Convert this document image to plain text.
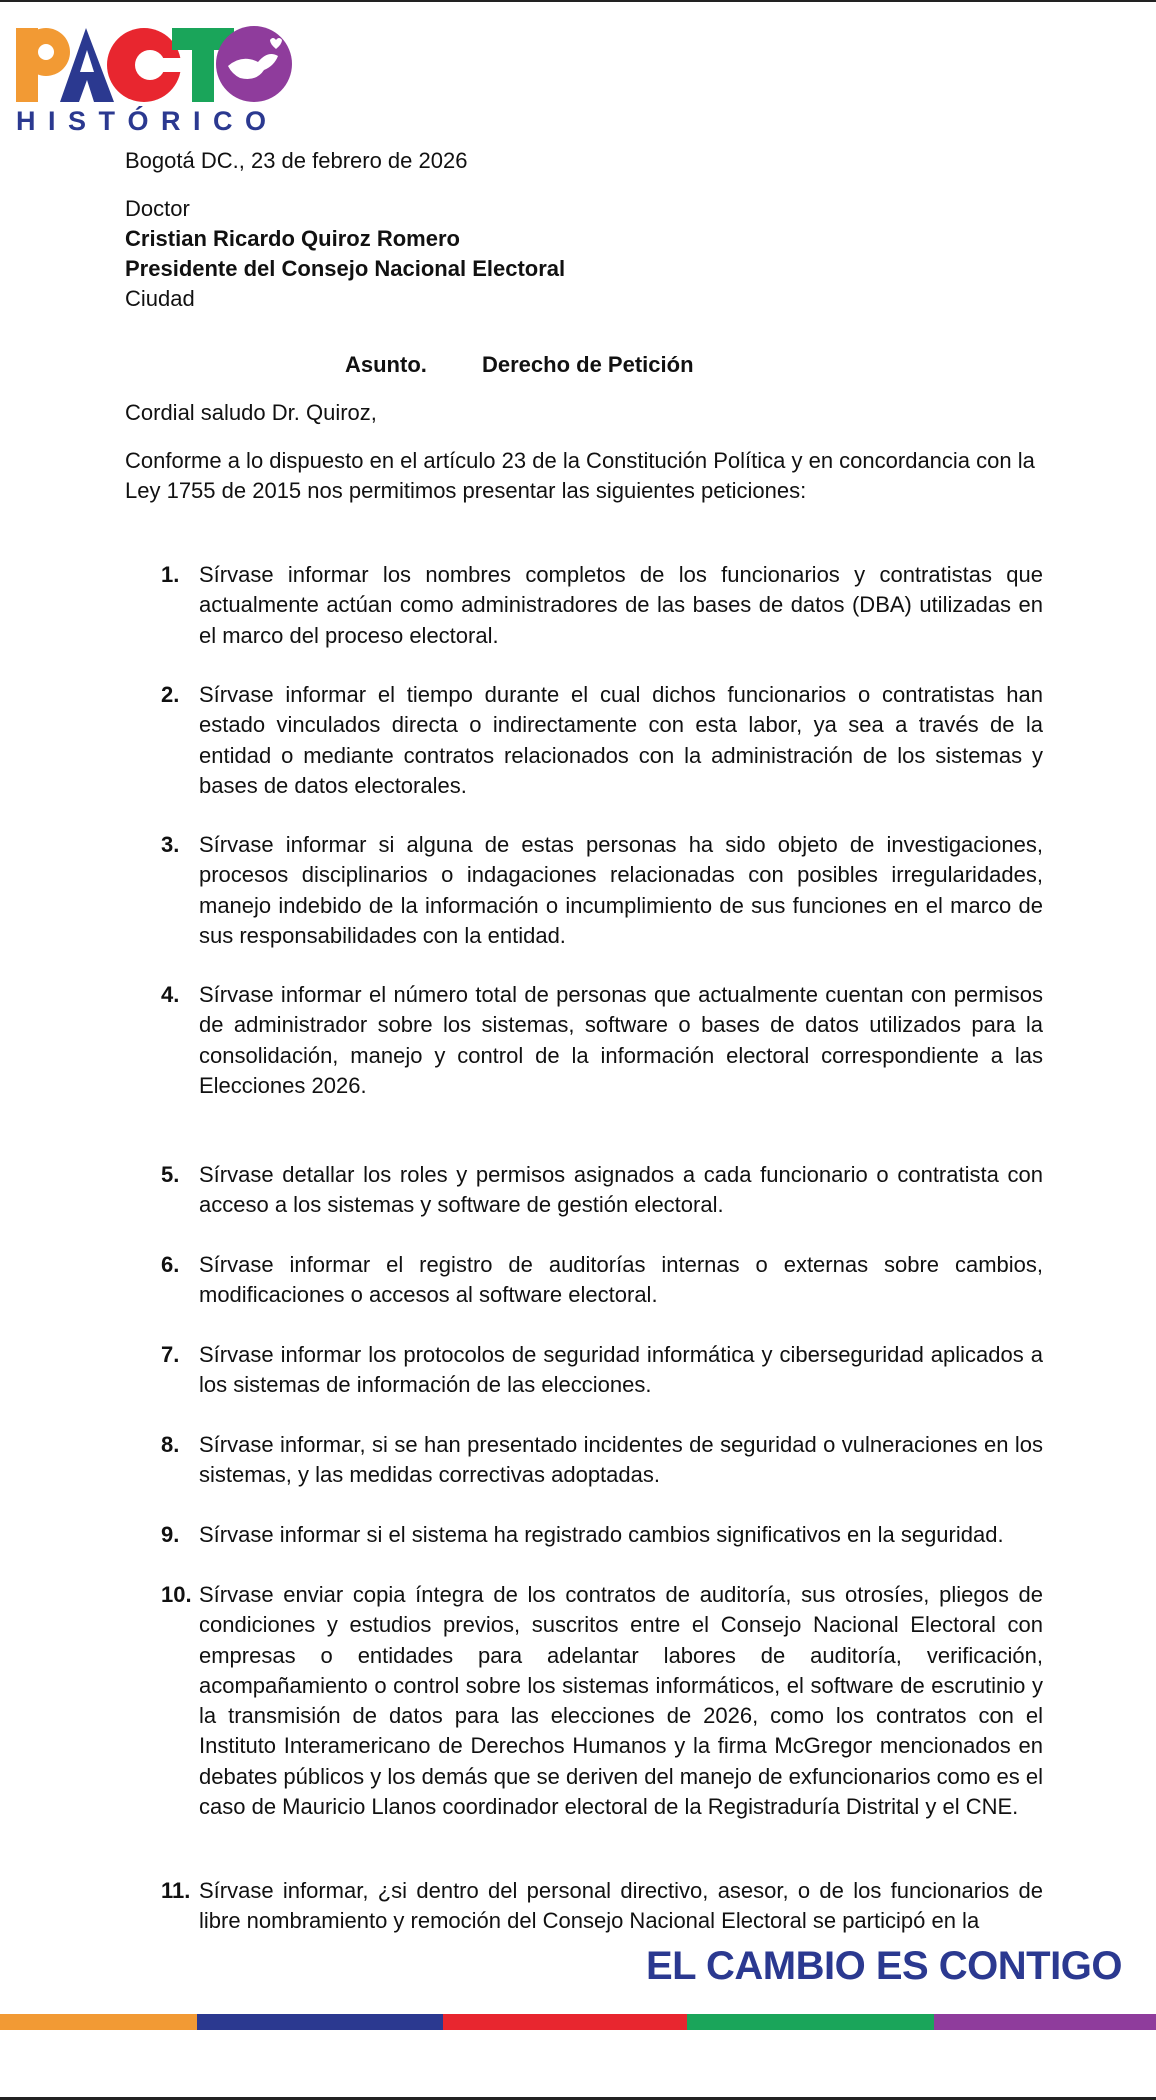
HISTÓRICO

Bogotá DC., 23 de febrero de 2026

Doctor

Cristian Ricardo Quiroz Romero

Presidente del Consejo Nacional Electoral

Ciudad

Asunto.	Derecho de Petición

Cordial saludo Dr. Quiroz,

Conforme a lo dispuesto en el artículo 23 de la Constitución Política y en concordancia con la Ley 1755 de 2015 nos permitimos presentar las siguientes peticiones:

1. Sírvase informar los nombres completos de los funcionarios y contratistas que actualmente actúan como administradores de las bases de datos (DBA) utilizadas en el marco del proceso electoral.
2. Sírvase informar el tiempo durante el cual dichos funcionarios o contratistas han estado vinculados directa o indirectamente con esta labor, ya sea a través de la entidad o mediante contratos relacionados con la administración de los sistemas y bases de datos electorales.
3. Sírvase informar si alguna de estas personas ha sido objeto de investigaciones, procesos disciplinarios o indagaciones relacionadas con posibles irregularidades, manejo indebido de la información o incumplimiento de sus funciones en el marco de sus responsabilidades con la entidad.
4. Sírvase informar el número total de personas que actualmente cuentan con permisos de administrador sobre los sistemas, software o bases de datos utilizados para la consolidación, manejo y control de la información electoral correspondiente a las Elecciones 2026.
5. Sírvase detallar los roles y permisos asignados a cada funcionario o contratista con acceso a los sistemas y software de gestión electoral.
6. Sírvase informar el registro de auditorías internas o externas sobre cambios, modificaciones o accesos al software electoral.
7. Sírvase informar los protocolos de seguridad informática y ciberseguridad aplicados a los sistemas de información de las elecciones.
8. Sírvase informar, si se han presentado incidentes de seguridad o vulneraciones en los sistemas, y las medidas correctivas adoptadas.
9. Sírvase informar si el sistema ha registrado cambios significativos en la seguridad.
10. Sírvase enviar copia íntegra de los contratos de auditoría, sus otrosíes, pliegos de condiciones y estudios previos, suscritos entre el Consejo Nacional Electoral con empresas o entidades para adelantar labores de auditoría, verificación, acompañamiento o control sobre los sistemas informáticos, el software de escrutinio y la transmisión de datos para las elecciones de 2026, como los contratos con el Instituto Interamericano de Derechos Humanos y la firma McGregor mencionados en debates públicos y los demás que se deriven del manejo de exfuncionarios como es el caso de Mauricio Llanos coordinador electoral de la Registraduría Distrital y el CNE.
11. Sírvase informar, ¿si dentro del personal directivo, asesor, o de los funcionarios de libre nombramiento y remoción del Consejo Nacional Electoral se participó en la
EL CAMBIO ES CONTIGO
